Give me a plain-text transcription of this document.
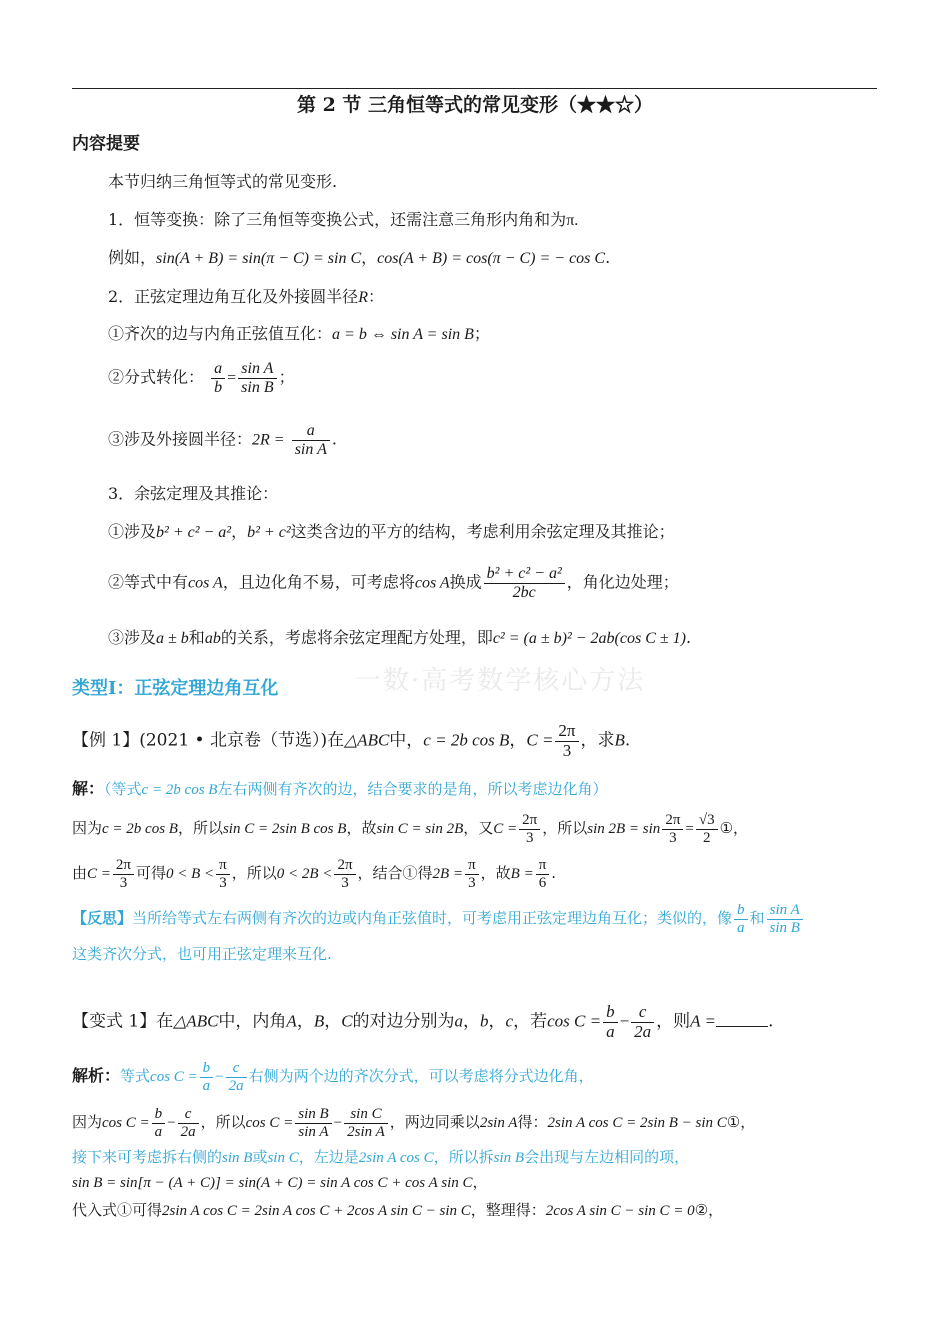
第 2 节 三角恒等式的常见变形（★★☆）
内容提要
本节归纳三角恒等式的常见变形.
1．恒等变换：除了三角恒等变换公式，还需注意三角形内角和为π.
例如，sin(A + B) = sin(π − C) = sin C，cos(A + B) = cos(π − C) = − cos C.
2．正弦定理边角互化及外接圆半径R：
①齐次的边与内角正弦值互化：a = b ⇔ sin A = sin B；
②分式转化： $\frac{a}{b} = \frac{\text{sin A}}{\text{sin B}}$ ；
③涉及外接圆半径：$2R = \frac{a}{\text{sin A}}$ .
3．余弦定理及其推论：
①涉及b² + c² − a²，b² + c²这类含边的平方的结构，考虑利用余弦定理及其推论；
②等式中有cos A，且边化角不易，可考虑将cos A换成 $\frac{\text{b² + c² − a²}}{2bc}$ ，角化边处理；
③涉及a ± b和ab的关系，考虑将余弦定理配方处理，即c² = (a ± b)² − 2ab(cos C ± 1).
一数·高考数学核心方法
类型Ⅰ：正弦定理边角互化
【例 1】(2021 • 北京卷（节选）)在△ABC中，c = 2b cos B，$C = \frac{2\pi}{3}$ ，求B.
解：（等式c = 2b cos B左右两侧有齐次的边，结合要求的是角，所以考虑边化角）
因为c = 2b cos B，所以sin C = 2sin B cos B，故sin C = sin 2B，又$C = \frac{2\pi}{3}$ ，所以$\sin 2B = \sin \frac{2\pi}{3} = \frac{√3}{2}$ ①，
由$C = \frac{2\pi}{3}$ 可得$0 < B < \frac{\pi}{3}$ ，所以$0 < 2B < \frac{2\pi}{3}$ ，结合①得$2B = \frac{\pi}{3}$ ，故$B = \frac{\pi}{6}$ .
【反思】当所给等式左右两侧有齐次的边或内角正弦值时，可考虑用正弦定理边角互化；类似的，像 $\frac{b}{a}$ 和 $\frac{\text{sin A}}{\text{sin B}}$
这类齐次分式，也可用正弦定理来互化.
【变式 1】在△ABC中，内角A，B，C的对边分别为a，b，c，若$\cos C = \frac{b}{a} - \frac{c}{2a}$ ，则A =	.
解析：等式$\cos C = \frac{b}{a} - \frac{c}{2a}$ 右侧为两个边的齐次分式，可以考虑将分式边化角，
因为$\cos C = \frac{b}{a} - \frac{c}{2a}$ ，所以$\cos C = \frac{\text{sin B}}{\text{sin A}} - \frac{\text{sin C}}{\text{2sin A}}$ ，两边同乘以2sin A得：2sin A cos C = 2sin B − sin C①，
接下来可考虑拆右侧的sin B或sin C，左边是2sin A cos C，所以拆sin B会出现与左边相同的项，
sin B = sin[π − (A + C)] = sin(A + C) = sin A cos C + cos A sin C，
代入式①可得2sin A cos C = 2sin A cos C + 2cos A sin C − sin C，整理得：2cos A sin C − sin C = 0②，
